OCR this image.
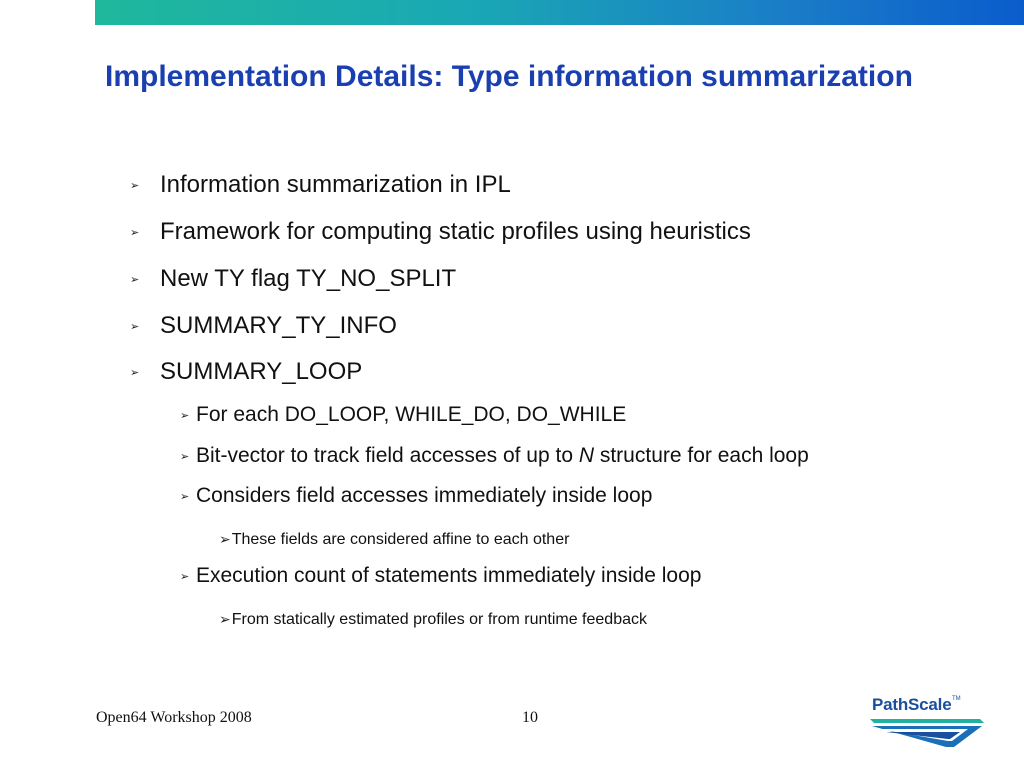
Implementation Details: Type information summarization
➢ Information summarization in IPL
➢ Framework for computing static profiles using heuristics
➢ New TY flag TY_NO_SPLIT
➢ SUMMARY_TY_INFO
➢ SUMMARY_LOOP
➢ For each DO_LOOP, WHILE_DO, DO_WHILE
➢ Bit-vector to track field accesses of up to N structure for each loop
➢ Considers field accesses immediately inside loop
➢These fields are considered affine to each other
➢ Execution count of statements immediately inside loop
➢From statically estimated profiles or from runtime feedback
Open64 Workshop 2008	10
PathScale TM
